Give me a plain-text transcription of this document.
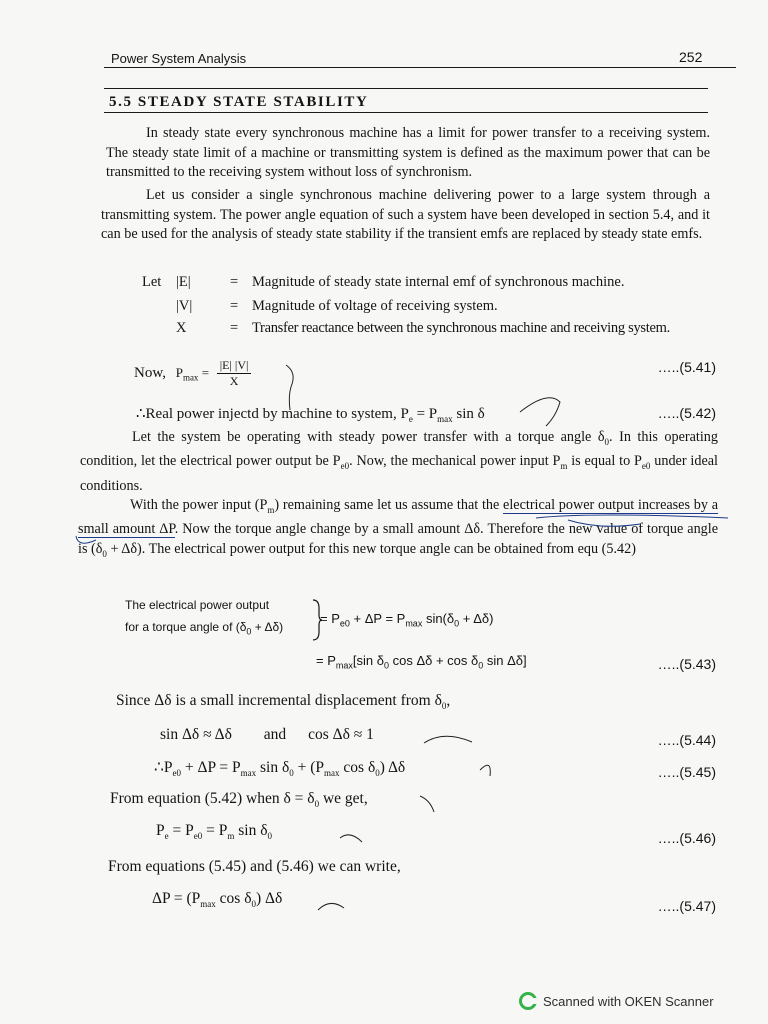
Power System Analysis	252
5.5 STEADY STATE STABILITY
In steady state every synchronous machine has a limit for power transfer to a receiving system. The steady state limit of a machine or transmitting system is defined as the maximum power that can be transmitted to the receiving system without loss of synchronism.
Let us consider a single synchronous machine delivering power to a large system through a transmitting system. The power angle equation of such a system have been developed in section 5.4, and it can be used for the analysis of steady state stability if the transient emfs are replaced by steady state emfs.
Let |E|	= Magnitude of steady state internal emf of synchronous machine.
|V|	= Magnitude of voltage of receiving system.
X	= Transfer reactance between the synchronous machine and receiving system.
Now, $P_{max} = \frac{|E| |V|}{X}$	…..(5.41)
∴Real power injectd by machine to system, $P_e = P_{max}$ sin δ	…..(5.42)
Let the system be operating with steady power transfer with a torque angle $\delta_0$. In this operating condition, let the electrical power output be $P_{e0}$. Now, the mechanical power input $P_m$ is equal to $P_{e0}$ under ideal conditions.
With the power input $(P_m)$ remaining same let us assume that the electrical power output increases by a small amount ΔP. Now the torque angle change by a small amount Δδ. Therefore the new value of torque angle is $(\delta_0 + \Delta\delta)$. The electrical power output for this new torque angle can be obtained from equ (5.42)
The electrical power output
for a torque angle of $(\delta_0 + \Delta\delta)$
= $P_{e0} + \Delta P = P_{max}$ $\sin(\delta_0 + \Delta\delta)$
= $P_{max}[\sin$ $\delta_0$ $\cos \Delta\delta + \cos \delta_0$ sin Δδ]	…..(5.43)
Since Δδ is a small incremental displacement from $\delta_0$,
sin Δδ ≈ Δδ and cos Δδ ≈ 1	…..(5.44)
$\therefore P_{e0} + \Delta P = P_{max}$ $\sin \delta_0 + (P_{max}$ $\cos \delta_0$) Δδ	…..(5.45)
From equation (5.42) when $\delta = \delta_0$ we get,
$P_e = P_{e0} = P_m$ $\sin \delta_0$	…..(5.46)
From equations (5.45) and (5.46) we can write,
$\Delta P = (P_{max}$ $\cos \delta_0$) Δδ	…..(5.47)
Scanned with OKEN Scanner
